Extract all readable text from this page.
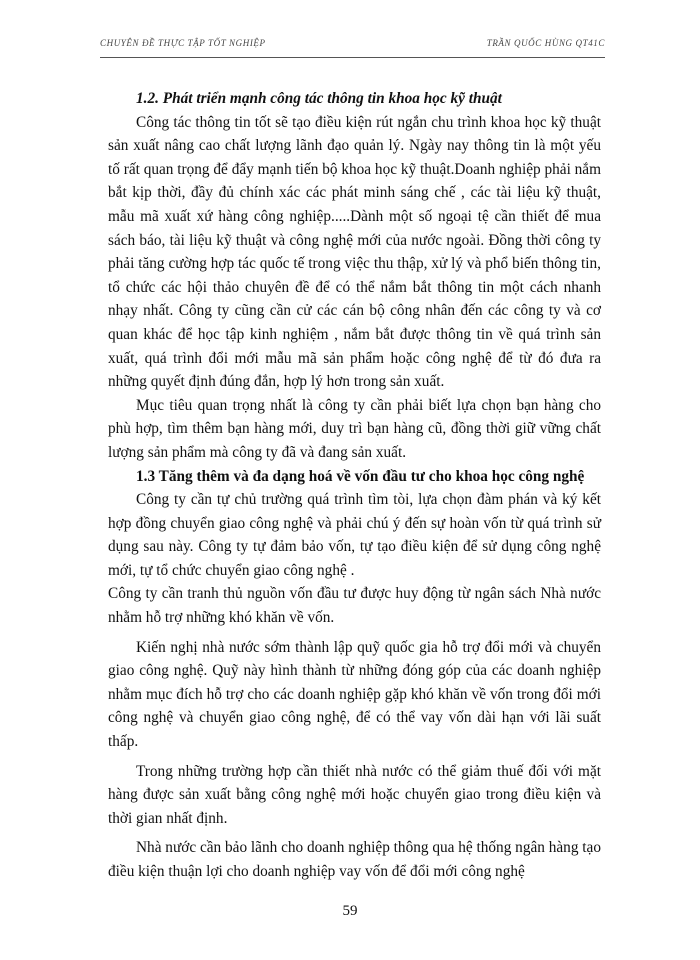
CHUYÊN ĐỀ THỰC TẬP TỐT NGHIỆP	TRẦN QUỐC HÙNG QT41C

1.2. Phát triển mạnh công tác thông tin khoa học kỹ thuật

Công tác thông tin tốt sẽ tạo điều kiện rút ngắn chu trình khoa học kỹ thuật sản xuất nâng cao chất lượng lãnh đạo quản lý. Ngày nay thông tin là một yếu tố rất quan trọng để đẩy mạnh tiến bộ khoa học kỹ thuật.Doanh nghiệp phải nắm bắt kịp thời, đầy đủ chính xác các phát minh sáng chế , các tài liệu kỹ thuật, mẫu mã xuất xứ hàng công nghiệp.....Dành một số ngoại tệ cần thiết để mua sách báo, tài liệu kỹ thuật và công nghệ mới của nước ngoài. Đồng thời công ty phải tăng cường hợp tác quốc tế trong việc thu thập, xử lý và phổ biến thông tin, tổ chức các hội thảo chuyên đề để có thể nắm bắt thông tin một cách nhanh nhạy nhất. Công ty cũng cần cử các cán bộ công nhân đến các công ty và cơ quan khác để học tập kinh nghiệm , nắm bắt được thông tin về quá trình sản xuất, quá trình đổi mới mẫu mã sản phẩm hoặc công nghệ để từ đó đưa ra những quyết định đúng đắn, hợp lý hơn trong sản xuất.

Mục tiêu quan trọng nhất là công ty cần phải biết lựa chọn bạn hàng cho phù hợp, tìm thêm bạn hàng mới, duy trì bạn hàng cũ, đồng thời giữ vững chất lượng sản phẩm mà công ty đã và đang sản xuất.

1.3 Tăng thêm và đa dạng hoá về vốn đầu tư cho khoa học công nghệ

Công ty cần tự chủ trường quá trình tìm tòi, lựa chọn đàm phán và ký kết hợp đồng chuyển giao công nghệ và phải chú ý đến sự hoàn vốn từ quá trình sử dụng sau này. Công ty tự đảm bảo vốn, tự tạo điều kiện để sử dụng công nghệ mới, tự tổ chức chuyển giao công nghệ .

Công ty cần tranh thủ nguồn vốn đầu tư được huy động từ ngân sách Nhà nước nhằm hỗ trợ những khó khăn về vốn.

Kiến nghị nhà nước sớm thành lập quỹ quốc gia hỗ trợ đổi mới và chuyển giao công nghệ. Quỹ này hình thành từ những đóng góp của các doanh nghiệp nhằm mục đích hỗ trợ cho các doanh nghiệp gặp khó khăn về vốn trong đổi mới công nghệ và chuyển giao công nghệ, để có thể vay vốn dài hạn với lãi suất thấp.

Trong những trường hợp cần thiết nhà nước có thể giảm thuế đối với mặt hàng được sản xuất bằng công nghệ mới hoặc chuyển giao trong điều kiện và thời gian nhất định.

Nhà nước cần bảo lãnh cho doanh nghiệp thông qua hệ thống ngân hàng tạo điều kiện thuận lợi cho doanh nghiệp vay vốn để đổi mới công nghệ

59
